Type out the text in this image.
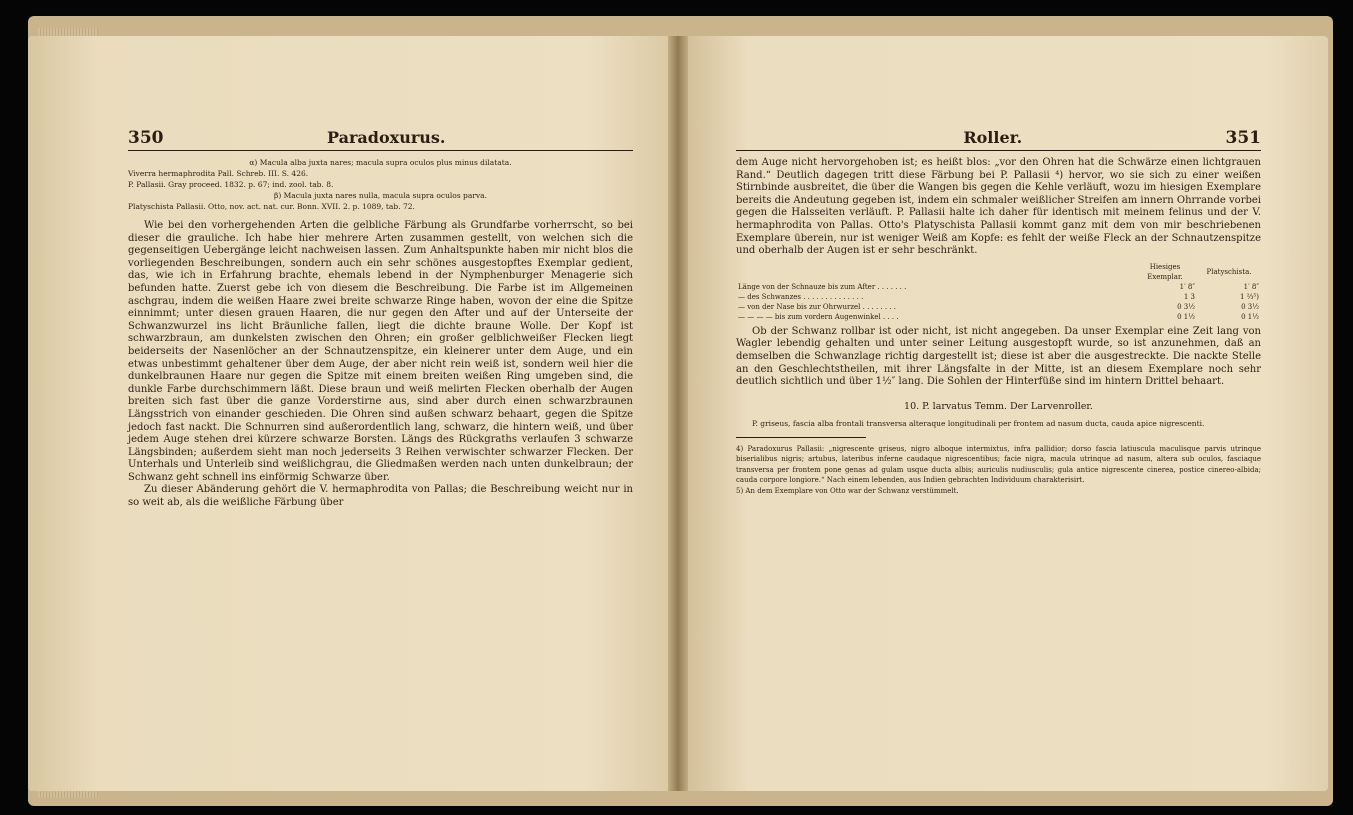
350	Paradoxurus.

α) Macula alba juxta nares; macula supra oculos plus minus dilatata.

Viverra hermaphrodita Pall. Schreb. III. S. 426.

P. Pallasii. Gray proceed. 1832. p. 67; ind. zool. tab. 8.

β) Macula juxta nares nulla, macula supra oculos parva.

Platyschista Pallasii. Otto, nov. act. nat. cur. Bonn. XVII. 2. p. 1089, tab. 72.

Wie bei den vorhergehenden Arten die gelbliche Färbung als Grundfarbe vorherrscht, so bei dieser die grauliche. Ich habe hier mehrere Arten zusammen gestellt, von welchen sich die gegenseitigen Uebergänge leicht nachweisen lassen. Zum Anhaltspunkte haben mir nicht blos die vorliegenden Beschreibungen, sondern auch ein sehr schönes ausgestopftes Exemplar gedient, das, wie ich in Erfahrung brachte, ehemals lebend in der Nymphenburger Menagerie sich befunden hatte. Zuerst gebe ich von diesem die Beschreibung. Die Farbe ist im Allgemeinen aschgrau, indem die weißen Haare zwei breite schwarze Ringe haben, wovon der eine die Spitze einnimmt; unter diesen grauen Haaren, die nur gegen den After und auf der Unterseite der Schwanzwurzel ins licht Bräunliche fallen, liegt die dichte braune Wolle. Der Kopf ist schwarzbraun, am dunkelsten zwischen den Ohren; ein großer gelblichweißer Flecken liegt beiderseits der Nasenlöcher an der Schnautzenspitze, ein kleinerer unter dem Auge, und ein etwas unbestimmt gehaltener über dem Auge, der aber nicht rein weiß ist, sondern weil hier die dunkelbraunen Haare nur gegen die Spitze mit einem breiten weißen Ring umgeben sind, die dunkle Farbe durchschimmern läßt. Diese braun und weiß melirten Flecken oberhalb der Augen breiten sich fast über die ganze Vorderstirne aus, sind aber durch einen schwarzbraunen Längsstrich von einander geschieden. Die Ohren sind außen schwarz behaart, gegen die Spitze jedoch fast nackt. Die Schnurren sind außerordentlich lang, schwarz, die hintern weiß, und über jedem Auge stehen drei kürzere schwarze Borsten. Längs des Rückgraths verlaufen 3 schwarze Längsbinden; außerdem sieht man noch jederseits 3 Reihen verwischter schwarzer Flecken. Der Unterhals und Unterleib sind weißlichgrau, die Gliedmaßen werden nach unten dunkelbraun; der Schwanz geht schnell ins einförmig Schwarze über.

Zu dieser Abänderung gehört die V. hermaphrodita von Pallas; die Beschreibung weicht nur in so weit ab, als die weißliche Färbung über

Roller.	351

dem Auge nicht hervorgehoben ist; es heißt blos: „vor den Ohren hat die Schwärze einen lichtgrauen Rand.“ Deutlich dagegen tritt diese Färbung bei P. Pallasii ⁴) hervor, wo sie sich zu einer weißen Stirnbinde ausbreitet, die über die Wangen bis gegen die Kehle verläuft, wozu im hiesigen Exemplare bereits die Andeutung gegeben ist, indem ein schmaler weißlicher Streifen am innern Ohrrande vorbei gegen die Halsseiten verläuft. P. Pallasii halte ich daher für identisch mit meinem felinus und der V. hermaphrodita von Pallas. Otto's Platyschista Pallasii kommt ganz mit dem von mir beschriebenen Exemplare überein, nur ist weniger Weiß am Kopfe: es fehlt der weiße Fleck an der Schnautzenspitze und oberhalb der Augen ist er sehr beschränkt.

	Hiesiges Exemplar.	Platyschista.
Länge von der Schnauze bis zum After . . . . . . .	1′ 8″	1′ 8″
— des Schwanzes . . . . . . . . . . . . . .	1 3	1 ⅔⁵)
— von der Nase bis zur Ohrwurzel . . . . . . . .	0 3½	0 3½
— — — — bis zum vordern Augenwinkel . . . .	0 1½	0 1½

Ob der Schwanz rollbar ist oder nicht, ist nicht angegeben. Da unser Exemplar eine Zeit lang von Wagler lebendig gehalten und unter seiner Leitung ausgestopft wurde, so ist anzunehmen, daß an demselben die Schwanzlage richtig dargestellt ist; diese ist aber die ausgestreckte. Die nackte Stelle an den Geschlechtstheilen, mit ihrer Längsfalte in der Mitte, ist an diesem Exemplare noch sehr deutlich sichtlich und über 1½″ lang. Die Sohlen der Hinterfüße sind im hintern Drittel behaart.

10. P. larvatus Temm. Der Larvenroller.

P. griseus, fascia alba frontali transversa alteraque longitudinali per frontem ad nasum ducta, cauda apice nigrescenti.

4) Paradoxurus Pallasii: „nigrescente griseus, nigro alboque intermixtus, infra pallidior; dorso fascia latiuscula maculisque parvis utrinque biserialibus nigris; artubus, lateribus inferne caudaque nigrescentibus; facie nigra, macula utrinque ad nasum, altera sub oculos, fasciaque transversa per frontem pone genas ad gulam usque ducta albis; auriculis nudiusculis; gula antice nigrescente cinerea, postice cinereo-albida; cauda corpore longiore.“ Nach einem lebenden, aus Indien gebrachten Individuum charakterisirt.

5) An dem Exemplare von Otto war der Schwanz verstümmelt.
